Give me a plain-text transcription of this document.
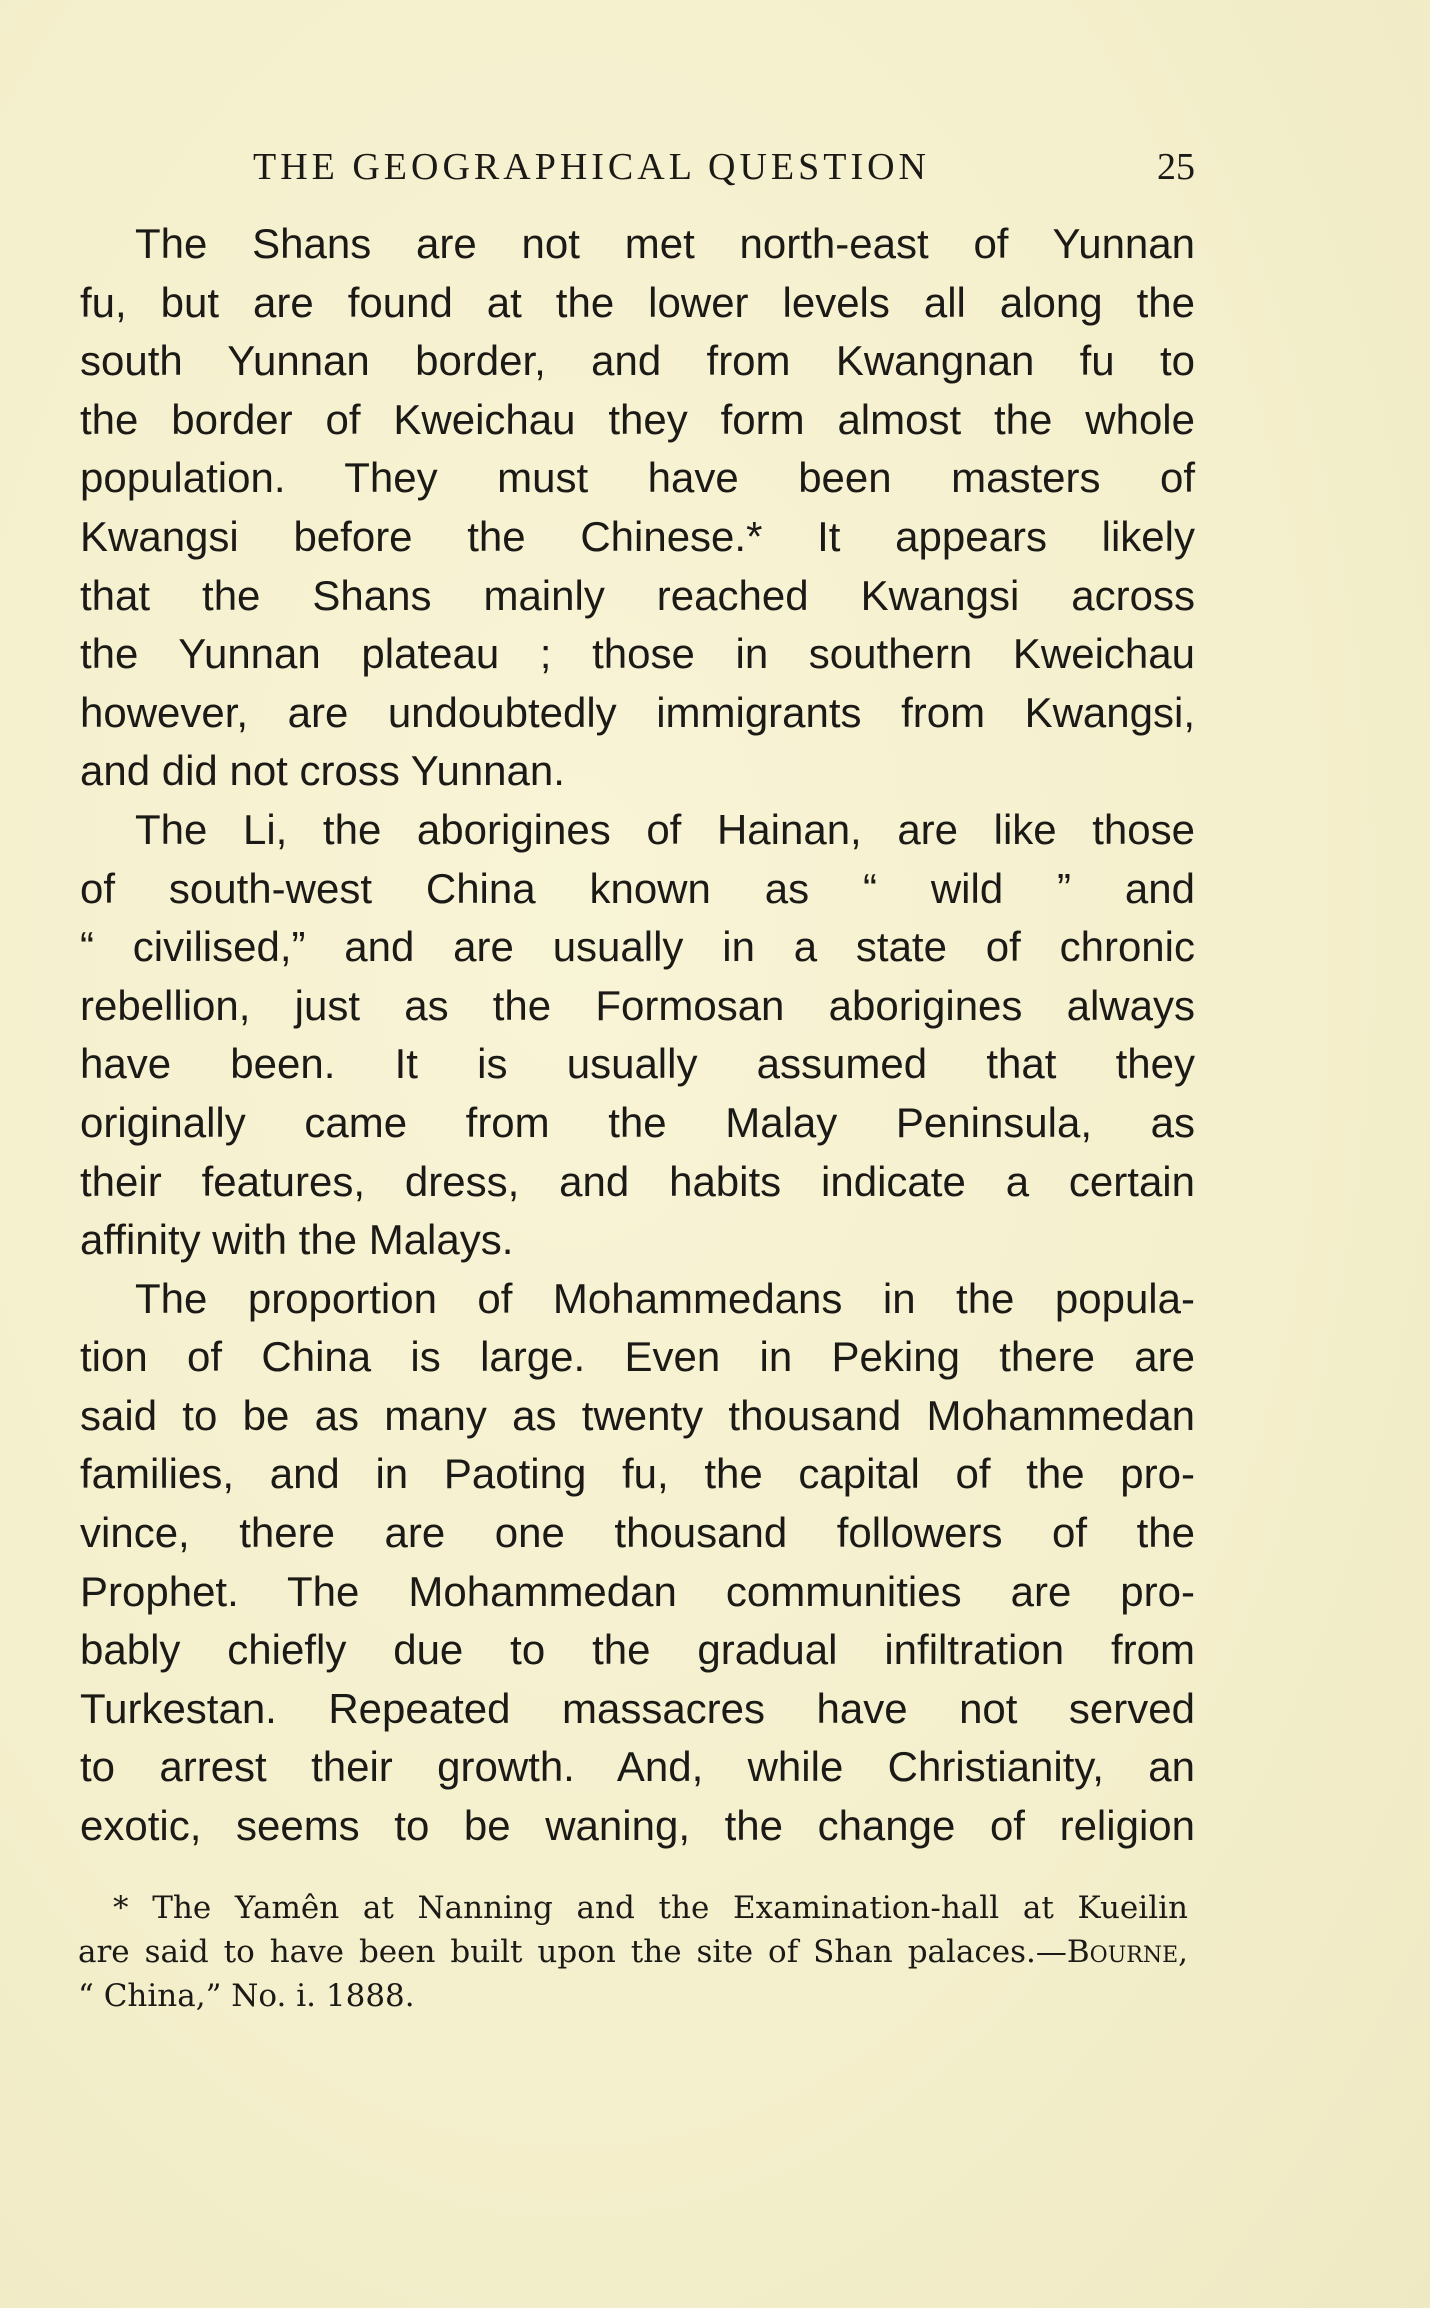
THE GEOGRAPHICAL QUESTION	25
The Shans are not met north-east of Yunnan
fu, but are found at the lower levels all along the
south Yunnan border, and from Kwangnan fu to
the border of Kweichau they form almost the whole
population. They must have been masters of
Kwangsi before the Chinese.* It appears likely
that the Shans mainly reached Kwangsi across
the Yunnan plateau ; those in southern Kweichau
however, are undoubtedly immigrants from Kwangsi,
and did not cross Yunnan.
The Li, the aborigines of Hainan, are like those
of south-west China known as “ wild ” and
“ civilised,” and are usually in a state of chronic
rebellion, just as the Formosan aborigines always
have been. It is usually assumed that they
originally came from the Malay Peninsula, as
their features, dress, and habits indicate a certain
affinity with the Malays.
The proportion of Mohammedans in the popula-
tion of China is large. Even in Peking there are
said to be as many as twenty thousand Mohammedan
families, and in Paoting fu, the capital of the pro-
vince, there are one thousand followers of the
Prophet. The Mohammedan communities are pro-
bably chiefly due to the gradual infiltration from
Turkestan. Repeated massacres have not served
to arrest their growth. And, while Christianity, an
exotic, seems to be waning, the change of religion
* The Yamên at Nanning and the Examination-hall at Kueilin
are said to have been built upon the site of Shan palaces.—Bourne,
“ China,” No. i. 1888.
